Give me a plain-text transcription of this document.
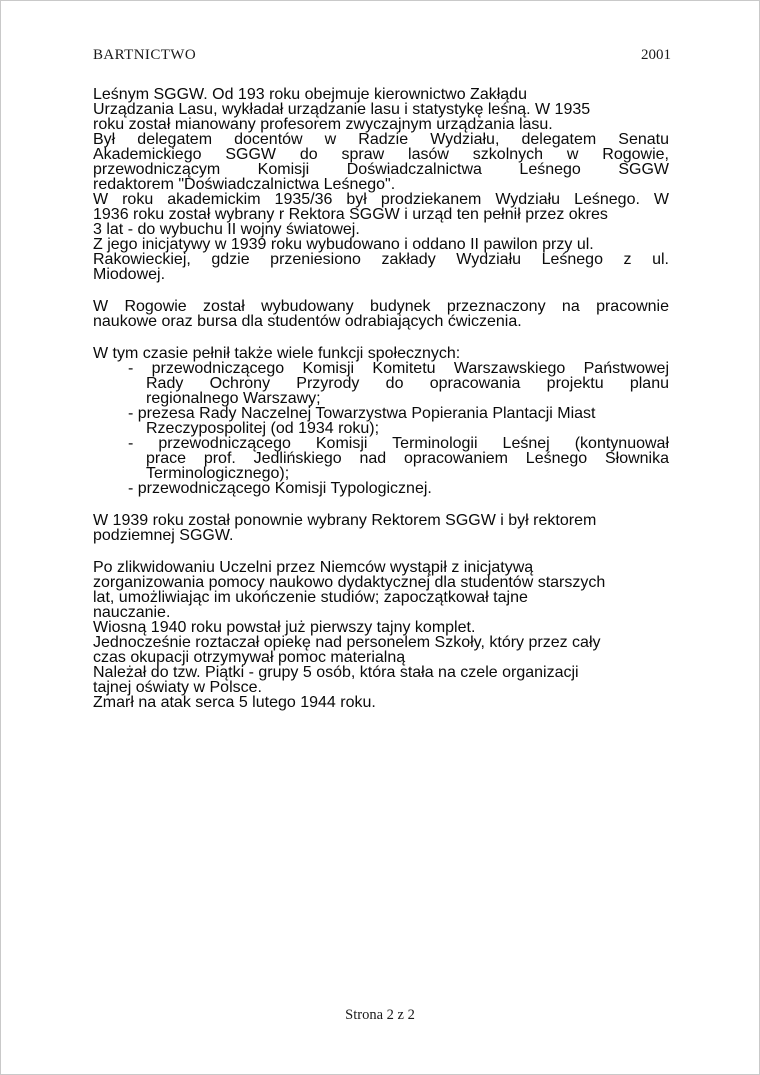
BARTNICTWO	2001
Leśnym SGGW. Od 193 roku obejmuje kierownictwo Zakłądu
Urządzania Lasu, wykładał urządzanie lasu i statystykę leśną. W 1935
roku został mianowany profesorem zwyczajnym urządzania lasu.
Był delegatem docentów w Radzie Wydziału, delegatem Senatu
Akademickiego SGGW do spraw lasów szkolnych w Rogowie,
przewodniczącym Komisji Doświadczalnictwa Leśnego SGGW
redaktorem "Doświadczalnictwa Leśnego".
W roku akademickim 1935/36 był prodziekanem Wydziału Leśnego. W
1936 roku został wybrany r Rektora SGGW i urząd ten pełnił przez okres
3 lat - do wybuchu II wojny światowej.
Z jego inicjatywy w 1939 roku wybudowano i oddano II pawilon przy ul.
Rakowieckiej, gdzie przeniesiono zakłady Wydziału Leśnego z ul.
Miodowej.
W Rogowie został wybudowany budynek przeznaczony na pracownie
naukowe oraz bursa dla studentów odrabiających ćwiczenia.
W tym czasie pełnił także wiele funkcji społecznych:
- przewodniczącego Komisji Komitetu Warszawskiego Państwowej
Rady Ochrony Przyrody do opracowania projektu planu
regionalnego Warszawy;
- prezesa Rady Naczelnej Towarzystwa Popierania Plantacji Miast
Rzeczypospolitej (od 1934 roku);
- przewodniczącego Komisji Terminologii Leśnej (kontynuował
prace prof. Jedlińskiego nad opracowaniem Leśnego Słownika
Terminologicznego);
- przewodniczącego Komisji Typologicznej.
W 1939 roku został ponownie wybrany Rektorem SGGW i był rektorem
podziemnej SGGW.
Po zlikwidowaniu Uczelni przez Niemców wystąpił z inicjatywą
zorganizowania pomocy naukowo dydaktycznej dla studentów starszych
lat, umożliwiając im ukończenie studiów; zapoczątkował tajne
nauczanie.
Wiosną 1940 roku powstał już pierwszy tajny komplet.
Jednocześnie roztaczał opiekę nad personelem Szkoły, który przez cały
czas okupacji otrzymywał pomoc materialną
Należał do tzw. Piątki - grupy 5 osób, która stała na czele organizacji
tajnej oświaty w Polsce.
Zmarł na atak serca 5 lutego 1944 roku.
Strona 2 z 2
